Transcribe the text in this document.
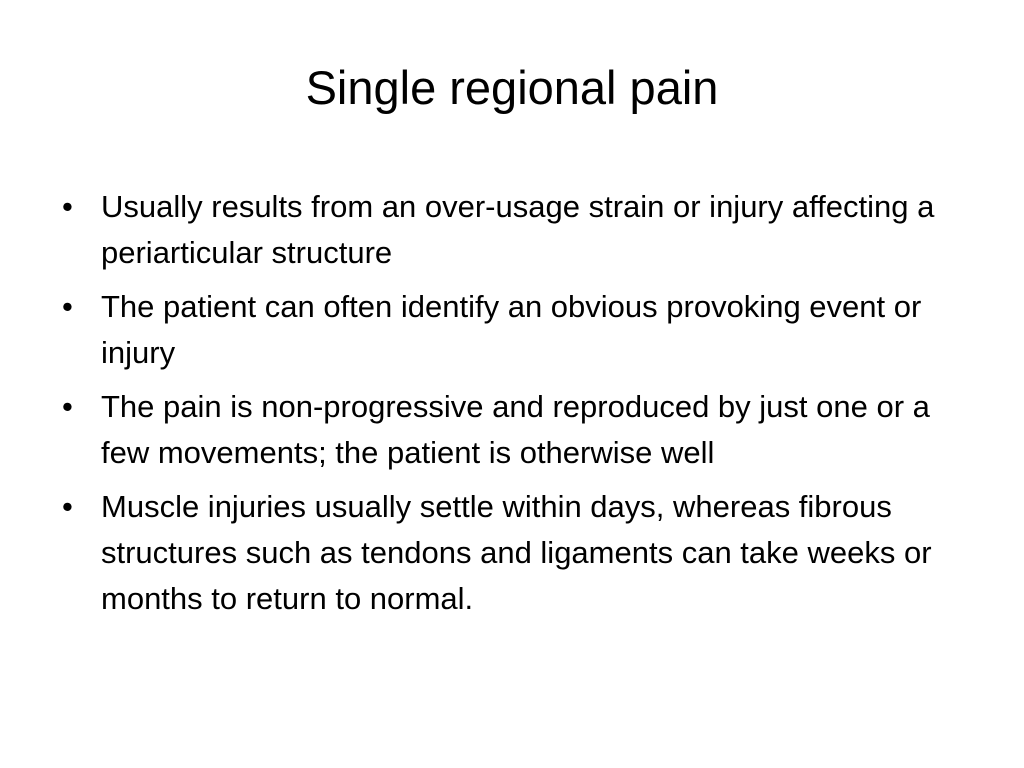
Single regional pain
• Usually results from an over-usage strain or injury affecting a periarticular structure
• The patient can often identify an obvious provoking event or injury
• The pain is non-progressive and reproduced by just one or a few movements; the patient is otherwise well
• Muscle injuries usually settle within days, whereas fibrous structures such as tendons and ligaments can take weeks or months to return to normal.
